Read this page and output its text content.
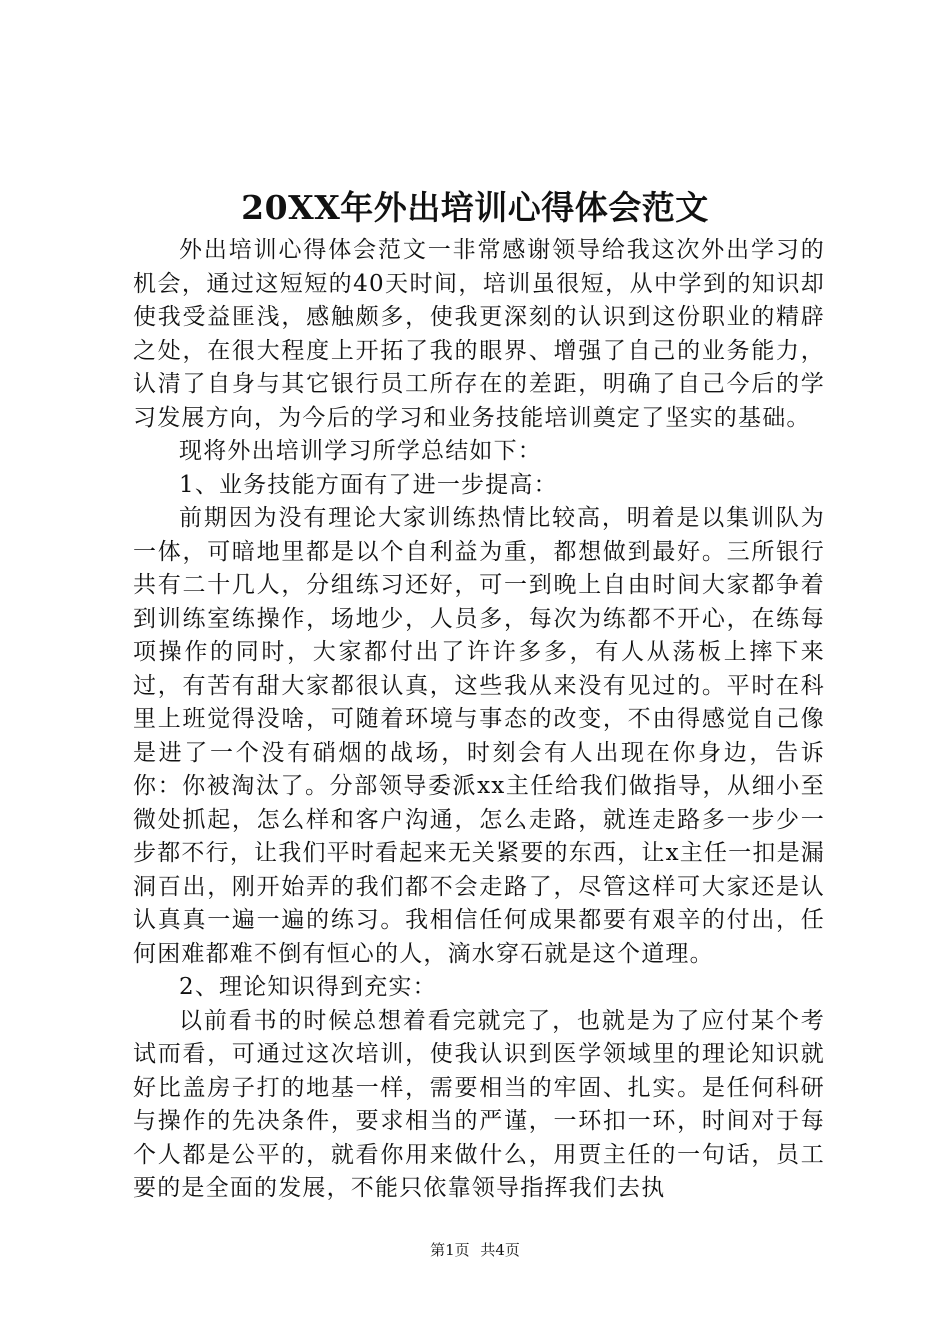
20XX年外出培训心得体会范文

外出培训心得体会范文一非常感谢领导给我这次外出学习的机会，通过这短短的40天时间，培训虽很短，从中学到的知识却使我受益匪浅，感触颇多，使我更深刻的认识到这份职业的精辟之处，在很大程度上开拓了我的眼界、增强了自己的业务能力，认清了自身与其它银行员工所存在的差距，明确了自己今后的学习发展方向，为今后的学习和业务技能培训奠定了坚实的基础。

现将外出培训学习所学总结如下：

1、业务技能方面有了进一步提高：

前期因为没有理论大家训练热情比较高，明着是以集训队为一体，可暗地里都是以个自利益为重，都想做到最好。三所银行共有二十几人，分组练习还好，可一到晚上自由时间大家都争着到训练室练操作，场地少，人员多，每次为练都不开心，在练每项操作的同时，大家都付出了许许多多，有人从荡板上摔下来过，有苦有甜大家都很认真，这些我从来没有见过的。平时在科里上班觉得没啥，可随着环境与事态的改变，不由得感觉自己像是进了一个没有硝烟的战场，时刻会有人出现在你身边，告诉你：你被淘汰了。分部领导委派xx主任给我们做指导，从细小至微处抓起，怎么样和客户沟通，怎么走路，就连走路多一步少一步都不行，让我们平时看起来无关紧要的东西，让x主任一扣是漏洞百出，刚开始弄的我们都不会走路了，尽管这样可大家还是认认真真一遍一遍的练习。我相信任何成果都要有艰辛的付出，任何困难都难不倒有恒心的人，滴水穿石就是这个道理。

2、理论知识得到充实：

以前看书的时候总想着看完就完了，也就是为了应付某个考试而看，可通过这次培训，使我认识到医学领域里的理论知识就好比盖房子打的地基一样，需要相当的牢固、扎实。是任何科研与操作的先决条件，要求相当的严谨，一环扣一环，时间对于每个人都是公平的，就看你用来做什么，用贾主任的一句话，员工要的是全面的发展，不能只依靠领导指挥我们去执

第1页 共4页
